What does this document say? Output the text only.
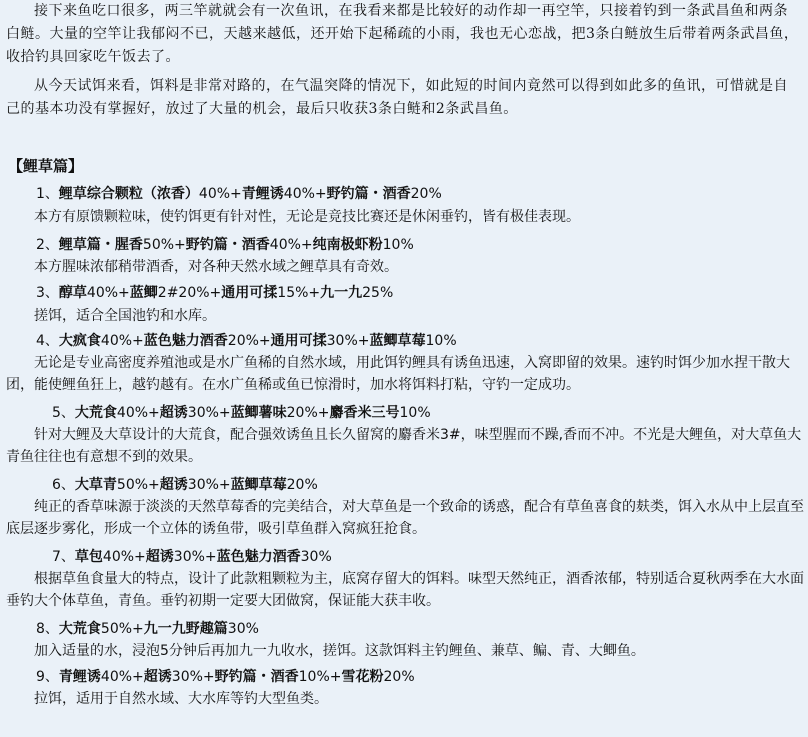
接下来鱼吃口很多，两三竿就就会有一次鱼讯，在我看来都是比较好的动作却一再空竿，只接着钓到一条武昌鱼和两条白鲢。大量的空竿让我郁闷不已，天越来越低，还开始下起稀疏的小雨，我也无心恋战，把3条白鲢放生后带着两条武昌鱼，收拾钓具回家吃午饭去了。

从今天试饵来看，饵料是非常对路的，在气温突降的情况下，如此短的时间内竟然可以得到如此多的鱼讯，可惜就是自己的基本功没有掌握好，放过了大量的机会，最后只收获3条白鲢和2条武昌鱼。

【鲤草篇】
1、鲤草综合颗粒（浓香）40%+青鲤诱40%+野钓篇・酒香20%
本方有原馈颗粒味，使钓饵更有针对性，无论是竞技比赛还是休闲垂钓，皆有极佳表现。
2、鲤草篇・腥香50%+野钓篇・酒香40%+纯南极虾粉10%
本方腥味浓郁稍带酒香，对各种天然水域之鲤草具有奇效。
3、醇草40%+蓝鲫2#20%+通用可揉15%+九一九25%
搓饵，适合全国池钓和水库。
4、大疯食40%+蓝色魅力酒香20%+通用可揉30%+蓝鲫草莓10%
无论是专业高密度养殖池或是水广鱼稀的自然水域，用此饵钓鲤具有诱鱼迅速，入窝即留的效果。速钓时饵少加水捏干散大团，能使鲤鱼狂上，越钓越有。在水广鱼稀或鱼已惊滑时，加水将饵料打粘，守钓一定成功。
5、大荒食40%+超诱30%+蓝鲫薯味20%+麝香米三号10%
针对大鲤及大草设计的大荒食，配合强效诱鱼且长久留窝的麝香米3#，味型腥而不躁,香而不冲。不光是大鲤鱼，对大草鱼大青鱼往往也有意想不到的效果。
6、大草青50%+超诱30%+蓝鲫草莓20%
纯正的香草味源于淡淡的天然草莓香的完美结合，对大草鱼是一个致命的诱惑，配合有草鱼喜食的麸类，饵入水从中上层直至底层逐步雾化，形成一个立体的诱鱼带，吸引草鱼群入窝疯狂抢食。
7、草包40%+超诱30%+蓝色魅力酒香30%
根据草鱼食量大的特点，设计了此款粗颗粒为主，底窝存留大的饵料。味型天然纯正，酒香浓郁，特别适合夏秋两季在大水面垂钓大个体草鱼，青鱼。垂钓初期一定要大团做窝，保证能大获丰收。
8、大荒食50%+九一九野趣篇30%
加入适量的水，浸泡5分钟后再加九一九收水，搓饵。这款饵料主钓鲤鱼、兼草、鳊、青、大鲫鱼。
9、青鲤诱40%+超诱30%+野钓篇・酒香10%+雪花粉20%
拉饵，适用于自然水域、大水库等钓大型鱼类。
